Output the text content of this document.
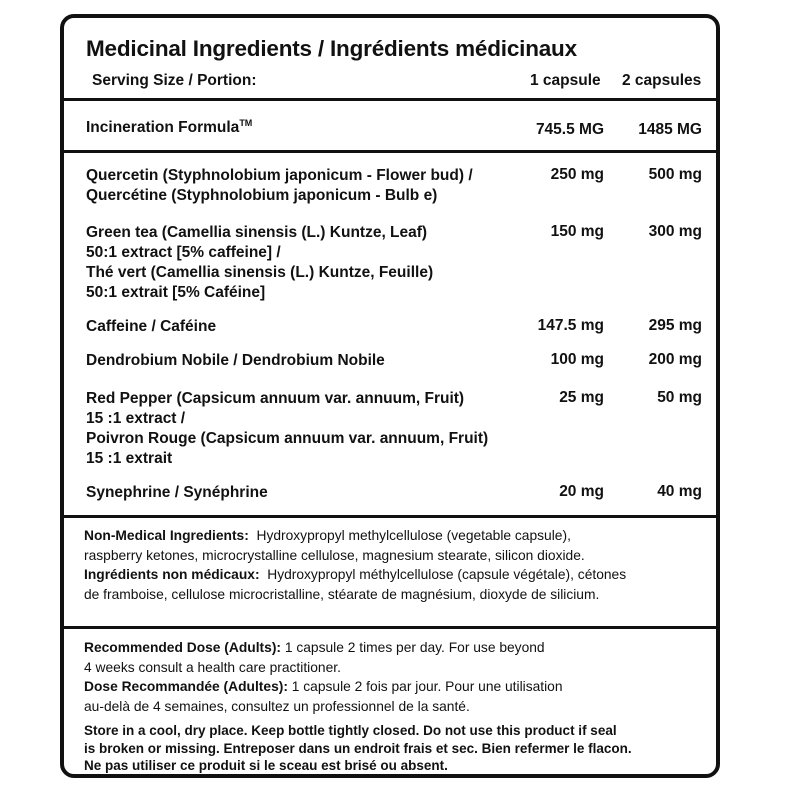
Medicinal Ingredients / Ingrédients médicinaux
Serving Size / Portion:	1 capsule 2 capsules
Incineration Formula™	745.5 MG 1485 MG
Quercetin (Styphnolobium japonicum - Flower bud) /
Quercétine (Styphnolobium japonicum - Bulb e)
250 mg	500 mg
Green tea (Camellia sinensis (L.) Kuntze, Leaf)
50:1 extract [5% caffeine] /
Thé vert (Camellia sinensis (L.) Kuntze, Feuille)
50:1 extrait [5% Caféine]
150 mg	300 mg
Caffeine / Caféine	147.5 mg	295 mg
Dendrobium Nobile / Dendrobium Nobile	100 mg	200 mg
Red Pepper (Capsicum annuum var. annuum, Fruit)
15 :1 extract /
Poivron Rouge (Capsicum annuum var. annuum, Fruit)
15 :1 extrait
25 mg	50 mg
Synephrine / Synéphrine	20 mg	40 mg
Non-Medical Ingredients: Hydroxypropyl methylcellulose (vegetable capsule),
raspberry ketones, microcrystalline cellulose, magnesium stearate, silicon dioxide.
Ingrédients non médicaux: Hydroxypropyl méthylcellulose (capsule végétale), cétones
de framboise, cellulose microcristalline, stéarate de magnésium, dioxyde de silicium.
Recommended Dose (Adults): 1 capsule 2 times per day. For use beyond
4 weeks consult a health care practitioner.
Dose Recommandée (Adultes): 1 capsule 2 fois par jour. Pour une utilisation
au-delà de 4 semaines, consultez un professionnel de la santé.
Store in a cool, dry place. Keep bottle tightly closed. Do not use this product if seal
is broken or missing. Entreposer dans un endroit frais et sec. Bien refermer le flacon.
Ne pas utiliser ce produit si le sceau est brisé ou absent.
